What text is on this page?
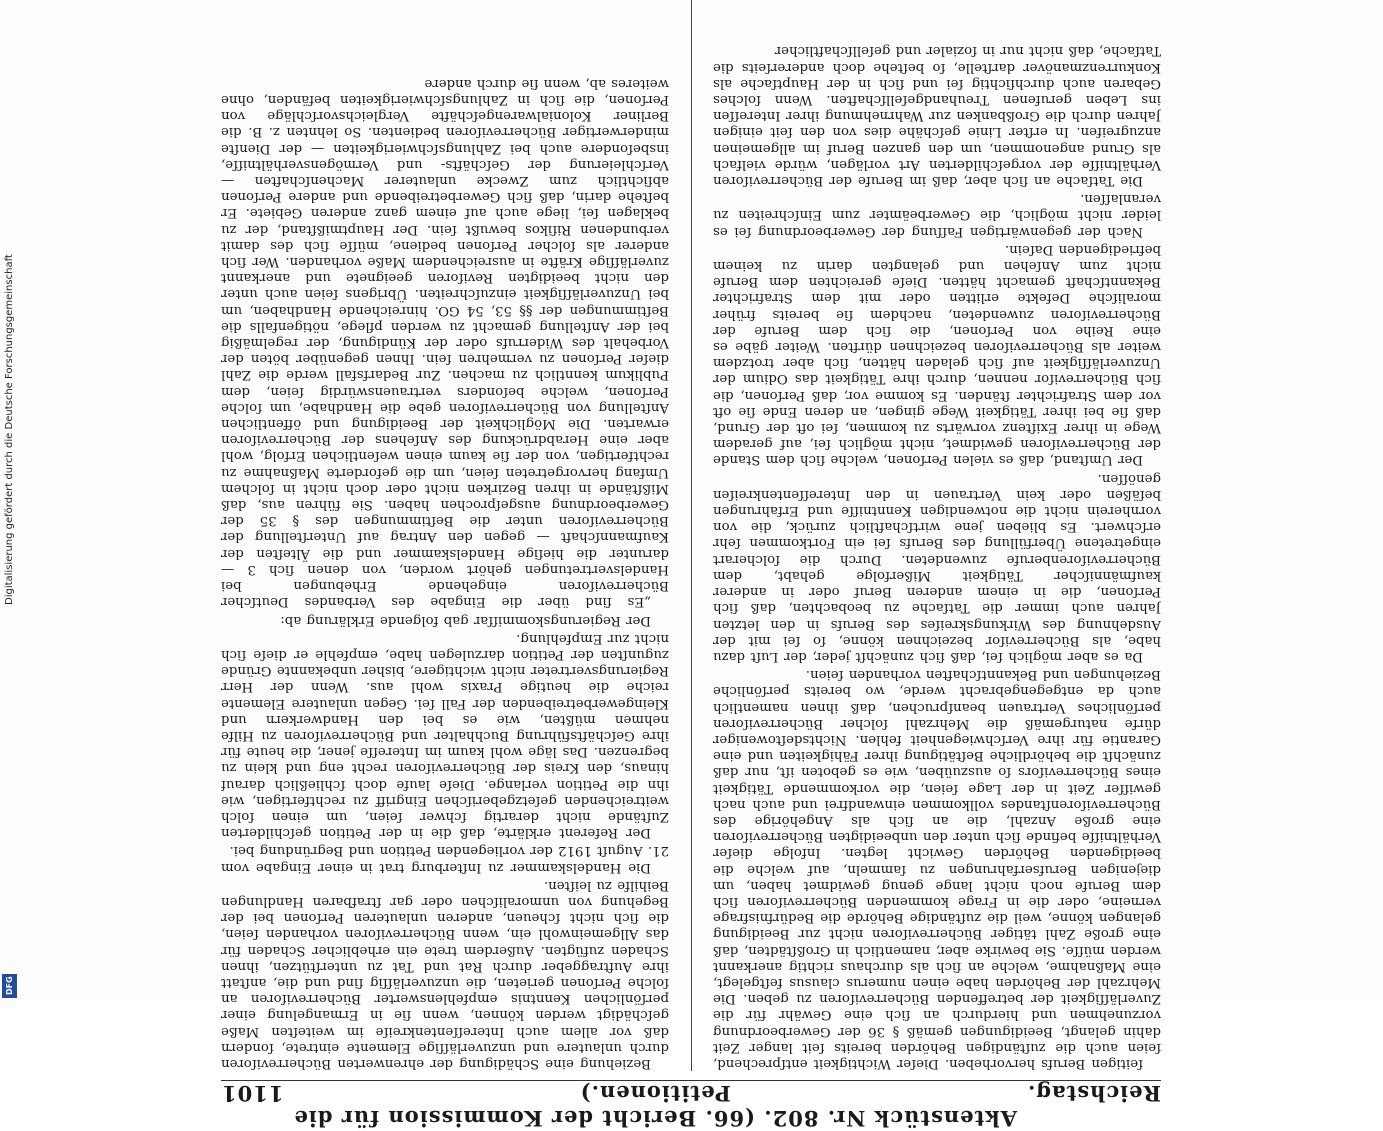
Reichstag.
Aktenstück Nr. 802. (66. Bericht der Kommission für die Petitionen.)
1101

ſeitigen Berufs hervorheben. Dieſer Wichtigkeit entſprechend, ſeien auch die zuſtändigen Behörden bereits ſeit langer Zeit dahin gelangt, Beeidigungen gemäß § 36 der Gewerbeordnung vorzunehmen und hierdurch an ſich eine Gewähr für die Zuverläſſigkeit der betreffenden Bücherreviſoren zu geben. Die Mehrzahl der Behörden habe einen numerus clausus feſtgelegt, eine Maßnahme, welche an ſich als durchaus richtig anerkannt werden müſſe. Sie bewirke aber, namentlich in Großſtädten, daß eine große Zahl tätiger Bücherreviſoren nicht zur Beeidigung gelangen könne, weil die zuſtändige Behörde die Bedürfnisfrage verneine, oder die in Frage kommenden Bücherreviſoren ſich dem Berufe noch nicht lange genug gewidmet haben, um diejenigen Berufserfahrungen zu ſammeln, auf welche die beeidigenden Behörden Gewicht legten. Infolge dieſer Verhältniſſe befinde ſich unter den unbeeidigten Bücherreviſoren eine große Anzahl, die an ſich als Angehörige des Bücherreviſorenſtandes vollkommen einwandfrei und auch nach gewiſſer Zeit in der Lage ſeien, die vorkommende Tätigkeit eines Bücherreviſors ſo auszuüben, wie es geboten iſt, nur daß zunächſt die behördliche Beſtätigung ihrer Fähigkeiten und eine Garantie für ihre Verſchwiegenheit fehlen. Nichtsdeſtoweniger dürfe naturgemäß die Mehrzahl ſolcher Bücherreviſoren perſönliches Vertrauen beanſpruchen, daß ihnen namentlich auch da entgegengebracht werde, wo bereits perſönliche Beziehungen und Bekanntſchaften vorhanden ſeien.

Da es aber möglich ſei, daß ſich zunächſt jeder, der Luſt dazu habe, als Bücherreviſor bezeichnen könne, ſo ſei mit der Ausdehnung des Wirkungskreiſes des Berufs in den letzten Jahren auch immer die Tatſache zu beobachten, daß ſich Perſonen, die in einem anderen Beruf oder in anderer kaufmänniſcher Tätigkeit Mißerfolge gehabt, dem Bücherreviſorenberufe zuwendeten. Durch die ſolcherart eingetretene Überfüllung des Berufs ſei ein Fortkommen ſehr erſchwert. Es blieben jene wirtſchaftlich zurück, die von vornherein nicht die notwendigen Kenntniſſe und Erfahrungen beſäßen oder kein Vertrauen in den Intereſſentenkreiſen genöſſen.

Der Umſtand, daß es vielen Perſonen, welche ſich dem Stande der Bücherreviſoren gewidmet, nicht möglich ſei, auf geradem Wege in ihrer Exiſtenz vorwärts zu kommen, ſei oft der Grund, daß ſie bei ihrer Tätigkeit Wege gingen, an deren Ende ſie oft vor dem Strafrichter ſtänden. Es komme vor, daß Perſonen, die ſich Bücherreviſor nennen, durch ihre Tätigkeit das Odium der Unzuverläſſigkeit auf ſich geladen hätten, ſich aber trotzdem weiter als Bücherreviſoren bezeichnen dürften. Weiter gäbe es eine Reihe von Perſonen, die ſich dem Berufe der Bücherreviſoren zuwendeten, nachdem ſie bereits früher moraliſche Defekte erlitten oder mit dem Strafrichter Bekanntſchaft gemacht hätten. Dieſe gereichten dem Berufe nicht zum Anſehen und gelangten darin zu keinem befriedigenden Daſein.

Nach der gegenwärtigen Faſſung der Gewerbeordnung ſei es leider nicht möglich, die Gewerbeämter zum Einſchreiten zu veranlaſſen.

Die Tatſache an ſich aber, daß im Berufe der Bücherreviſoren Verhältniſſe der vorgeſchilderten Art vorlägen, würde vielfach als Grund angenommen, um den ganzen Beruf im allgemeinen anzugreifen. In erſter Linie geſchähe dies von den ſeit einigen Jahren durch die Großbanken zur Wahrnehmung ihrer Intereſſen ins Leben gerufenen Treuhandgeſellſchaften. Wenn ſolches Gebaren auch durchſichtig ſei und ſich in der Hauptſache als Konkurrenzmanöver darſtelle, ſo beſtehe doch andererſeits die Tatſache, daß nicht nur in ſozialer und geſellſchaftlicher

Beziehung eine Schädigung der ehrenwerten Bücherreviſoren durch unlautere und unzuverläſſige Elemente eintrete, ſondern daß vor allem auch Intereſſentenkreiſe im weiteſten Maße geſchädigt werden können, wenn ſie in Ermangelung einer perſönlichen Kenntnis empfehlenswerter Bücherreviſoren an ſolche Perſonen gerieten, die unzuverläſſig ſind und die, anſtatt ihre Auftraggeber durch Rat und Tat zu unterſtützen, ihnen Schaden zufügten. Außerdem trete ein erheblicher Schaden für das Allgemeinwohl ein, wenn Bücherreviſoren vorhanden ſeien, die ſich nicht ſcheuen, anderen unlauteren Perſonen bei der Begehung von unmoraliſchen oder gar ſtrafbaren Handlungen Beihilfe zu leiſten.

Die Handelskammer zu Inſterburg trat in einer Eingabe vom 21. Auguſt 1912 der vorliegenden Petition und Begründung bei.

Der Referent erklärte, daß die in der Petition geſchilderten Zuſtände nicht derartig ſchwer ſeien, um einen ſolch weitreichenden geſetzgeberiſchen Eingriff zu rechtfertigen, wie ihn die Petition verlange. Dieſe laufe doch ſchließlich darauf hinaus, den Kreis der Bücherreviſoren recht eng und klein zu begrenzen. Das läge wohl kaum im Intereſſe jener, die heute für ihre Geſchäftsführung Buchhalter und Bücherreviſoren zu Hilfe nehmen müßten, wie es bei den Handwerkern und Kleingewerbetreibenden der Fall ſei. Gegen unlautere Elemente reiche die heutige Praxis wohl aus. Wenn der Herr Regierungsvertreter nicht wichtigere, bisher unbekannte Gründe zugunſten der Petition darzulegen habe, empfehle er dieſe ſich nicht zur Empfehlung.

Der Regierungskommiſſar gab folgende Erklärung ab:

„Es ſind über die Eingabe des Verbandes Deutſcher Bücherreviſoren eingehende Erhebungen bei Handelsvertretungen gehört worden, von denen ſich 3 — darunter die hieſige Handelskammer und die Älteſten der Kaufmannſchaft — gegen den Antrag auf Unterſtellung der Bücherreviſoren unter die Beſtimmungen des § 35 der Gewerbeordnung ausgeſprochen haben. Sie führen aus, daß Mißſtände in ihren Bezirken nicht oder doch nicht in ſolchem Umfang hervorgetreten ſeien, um die geforderte Maßnahme zu rechtfertigen, von der ſie kaum einen weſentlichen Erfolg, wohl aber eine Herabdrückung des Anſehens der Bücherreviſoren erwarten. Die Möglichkeit der Beeidigung und öffentlichen Anſtellung von Bücherreviſoren gebe die Handhabe, um ſolche Perſonen, welche beſonders vertrauenswürdig ſeien, dem Publikum kenntlich zu machen. Zur Bedarfsfall werde die Zahl dieſer Perſonen zu vermehren ſein. Ihnen gegenüber böten der Vorbehalt des Widerrufs oder der Kündigung, der regelmäßig bei der Anſtellung gemacht zu werden pflege, nötigenfalls die Beſtimmungen der §§ 53, 54 GO. hinreichende Handhaben, um bei Unzuverläſſigkeit einzuſchreiten. Übrigens ſeien auch unter den nicht beeidigten Reviſoren geeignete und anerkannt zuverläſſige Kräfte in ausreichendem Maße vorhanden. Wer ſich anderer als ſolcher Perſonen bediene, müſſe ſich des damit verbundenen Riſikos bewußt ſein. Der Hauptmißſtand, der zu beklagen ſei, liege auch auf einem ganz anderen Gebiete. Er beſtehe darin, daß ſich Gewerbetreibende und andere Perſonen abſichtlich zum Zwecke unlauterer Machenſchaften — Verſchleierung der Geſchäfts- und Vermögensverhältniſſe, insbeſondere auch bei Zahlungsſchwierigkeiten — der Dienſte minderwertiger Bücherreviſoren bedienten. So lehnten z. B. die Berliner Kolonialwarengeſchäfte Vergleichsvorſchläge von Perſonen, die ſich in Zahlungsſchwierigkeiten befänden, ohne weiteres ab, wenn ſie durch andere

Digitalisierung gefördert durch die Deutsche Forschungsgemeinschaft
DFG
